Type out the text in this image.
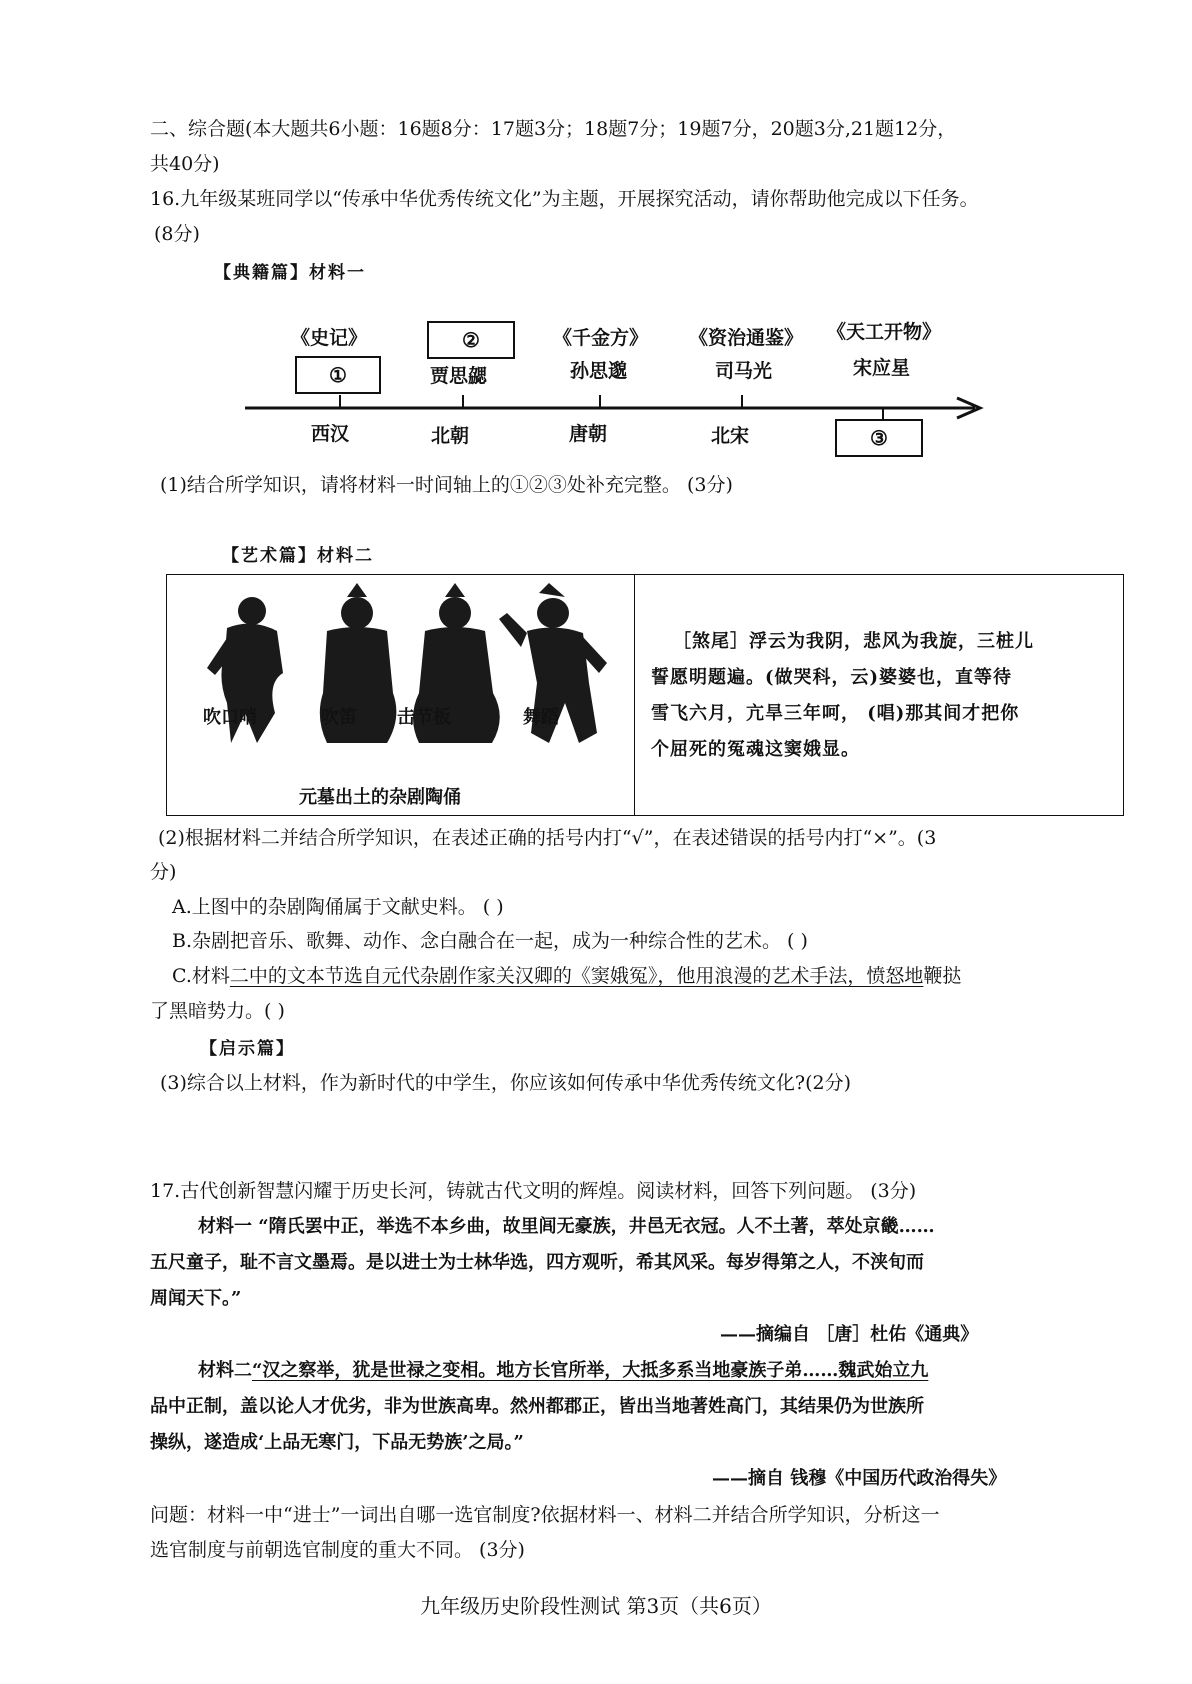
二、综合题(本大题共6小题：16题8分：17题3分；18题7分；19题7分，20题3分,21题12分，
共40分)
16.九年级某班同学以“传承中华优秀传统文化”为主题，开展探究活动，请你帮助他完成以下任务。
(8分)
【典籍篇】材料一
《史记》	《千金方》 《资治通鉴》 《天工开物》
①
②
③
贾思勰	孙思邈	司马光	宋应星
西汉	北朝	唐朝	北宋
(1)结合所学知识，请将材料一时间轴上的①②③处补充完整。 (3分)
【艺术篇】材料二
吹口哨	吹笛 击节板	舞蹈
元墓出土的杂剧陶俑
［煞尾］浮云为我阴，悲风为我旋，三桩儿
誓愿明题遍。(做哭科，云)婆婆也，直等待
雪飞六月，亢旱三年呵， (唱)那其间才把你
个屈死的冤魂这窦娥显。
(2)根据材料二并结合所学知识，在表述正确的括号内打“√”，在表述错误的括号内打“×”。(3
分)
A.上图中的杂剧陶俑属于文献史料。 ( )
B.杂剧把音乐、歌舞、动作、念白融合在一起，成为一种综合性的艺术。 ( )
C.材料二中的文本节选自元代杂剧作家关汉卿的《窦娥冤》，他用浪漫的艺术手法，愤怒地鞭挞
了黑暗势力。( )
【启示篇】
(3)综合以上材料，作为新时代的中学生，你应该如何传承中华优秀传统文化?(2分)
17.古代创新智慧闪耀于历史长河，铸就古代文明的辉煌。阅读材料，回答下列问题。 (3分)
材料一 “隋氏罢中正，举选不本乡曲，故里闾无豪族，井邑无衣冠。人不土著，萃处京畿……
五尺童子，耻不言文墨焉。是以进士为士林华选，四方观听，希其风采。每岁得第之人，不浃旬而
周闻天下。”
——摘编自 ［唐］杜佑《通典》
材料二“汉之察举，犹是世禄之变相。地方长官所举，大抵多系当地豪族子弟……魏武始立九
品中正制，盖以论人才优劣，非为世族高卑。然州都郡正，皆出当地著姓高门，其结果仍为世族所
操纵，遂造成‘上品无寒门，下品无势族’之局。”
——摘自 钱穆《中国历代政治得失》
问题：材料一中“进士”一词出自哪一选官制度?依据材料一、材料二并结合所学知识，分析这一
选官制度与前朝选官制度的重大不同。 (3分)
九年级历史阶段性测试 第3页（共6页）
